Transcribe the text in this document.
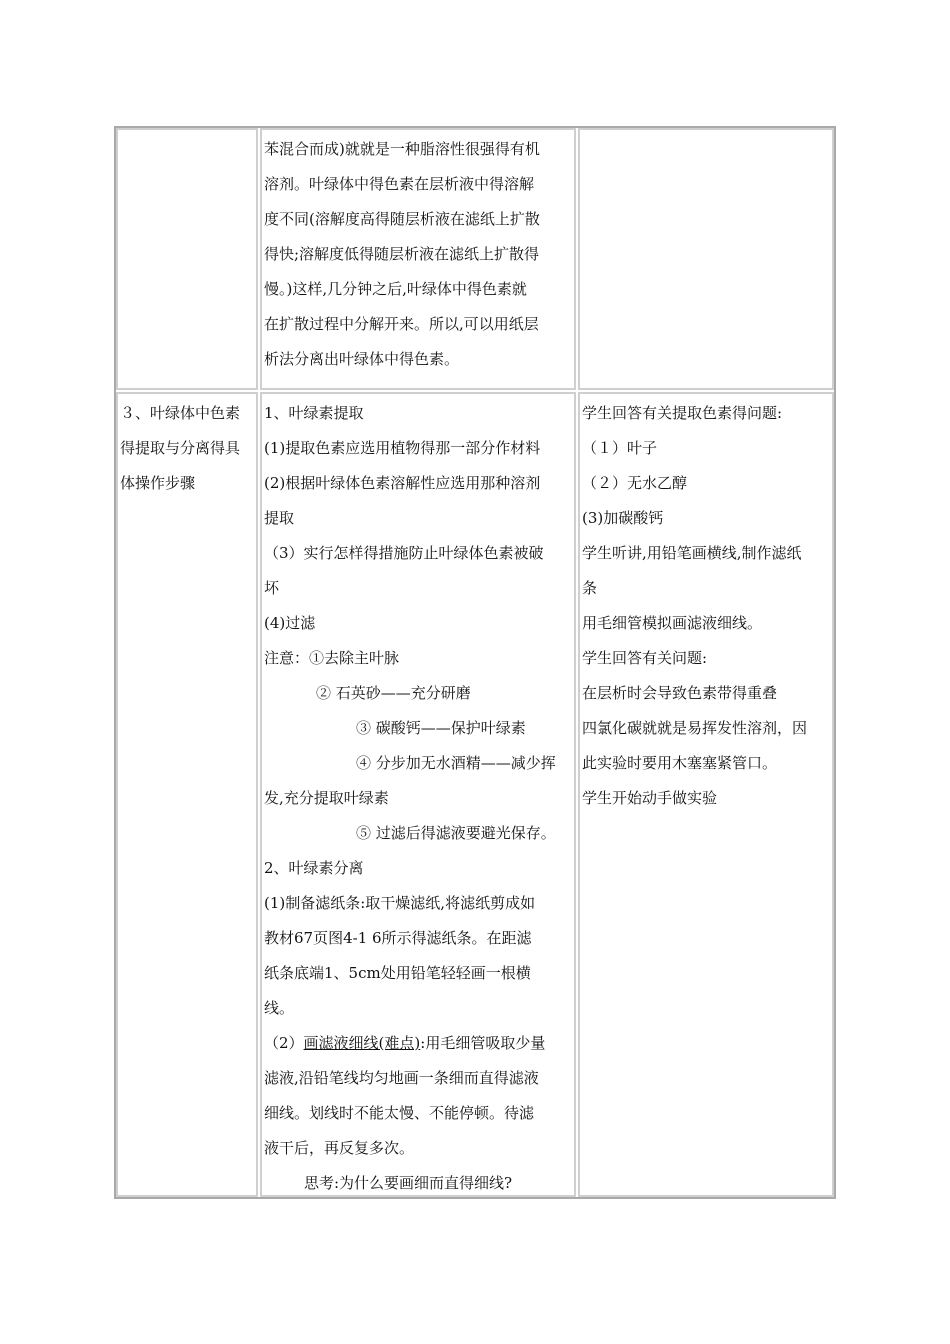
苯混合而成)就就是一种脂溶性很强得有机
溶剂。叶绿体中得色素在层析液中得溶解
度不同(溶解度高得随层析液在滤纸上扩散
得快;溶解度低得随层析液在滤纸上扩散得
慢。)这样,几分钟之后,叶绿体中得色素就
在扩散过程中分解开来。所以,可以用纸层
析法分离出叶绿体中得色素。
３、叶绿体中色素
得提取与分离得具
体操作步骤
1、叶绿素提取
(1)提取色素应选用植物得那一部分作材料
(2)根据叶绿体色素溶解性应选用那种溶剂
提取
（3）实行怎样得措施防止叶绿体色素被破
坏
(4)过滤
注意：①去除主叶脉
② 石英砂——充分研磨
③ 碳酸钙——保护叶绿素
④ 分步加无水酒精——减少挥
发,充分提取叶绿素
⑤ 过滤后得滤液要避光保存。
2、叶绿素分离
(1)制备滤纸条:取干燥滤纸,将滤纸剪成如
教材67页图4-1 6所示得滤纸条。在距滤
纸条底端1、5cm处用铅笔轻轻画一根横
线。
（2）画滤液细线(难点):用毛细管吸取少量
滤液,沿铅笔线均匀地画一条细而直得滤液
细线。划线时不能太慢、不能停顿。待滤
液干后，再反复多次。
思考:为什么要画细而直得细线?
学生回答有关提取色素得问题:
（１）叶子
（２）无水乙醇
(3)加碳酸钙
学生听讲,用铅笔画横线,制作滤纸
条
用毛细管模拟画滤液细线。
学生回答有关问题:
在层析时会导致色素带得重叠
四氯化碳就就是易挥发性溶剂，因
此实验时要用木塞塞紧管口。
学生开始动手做实验
